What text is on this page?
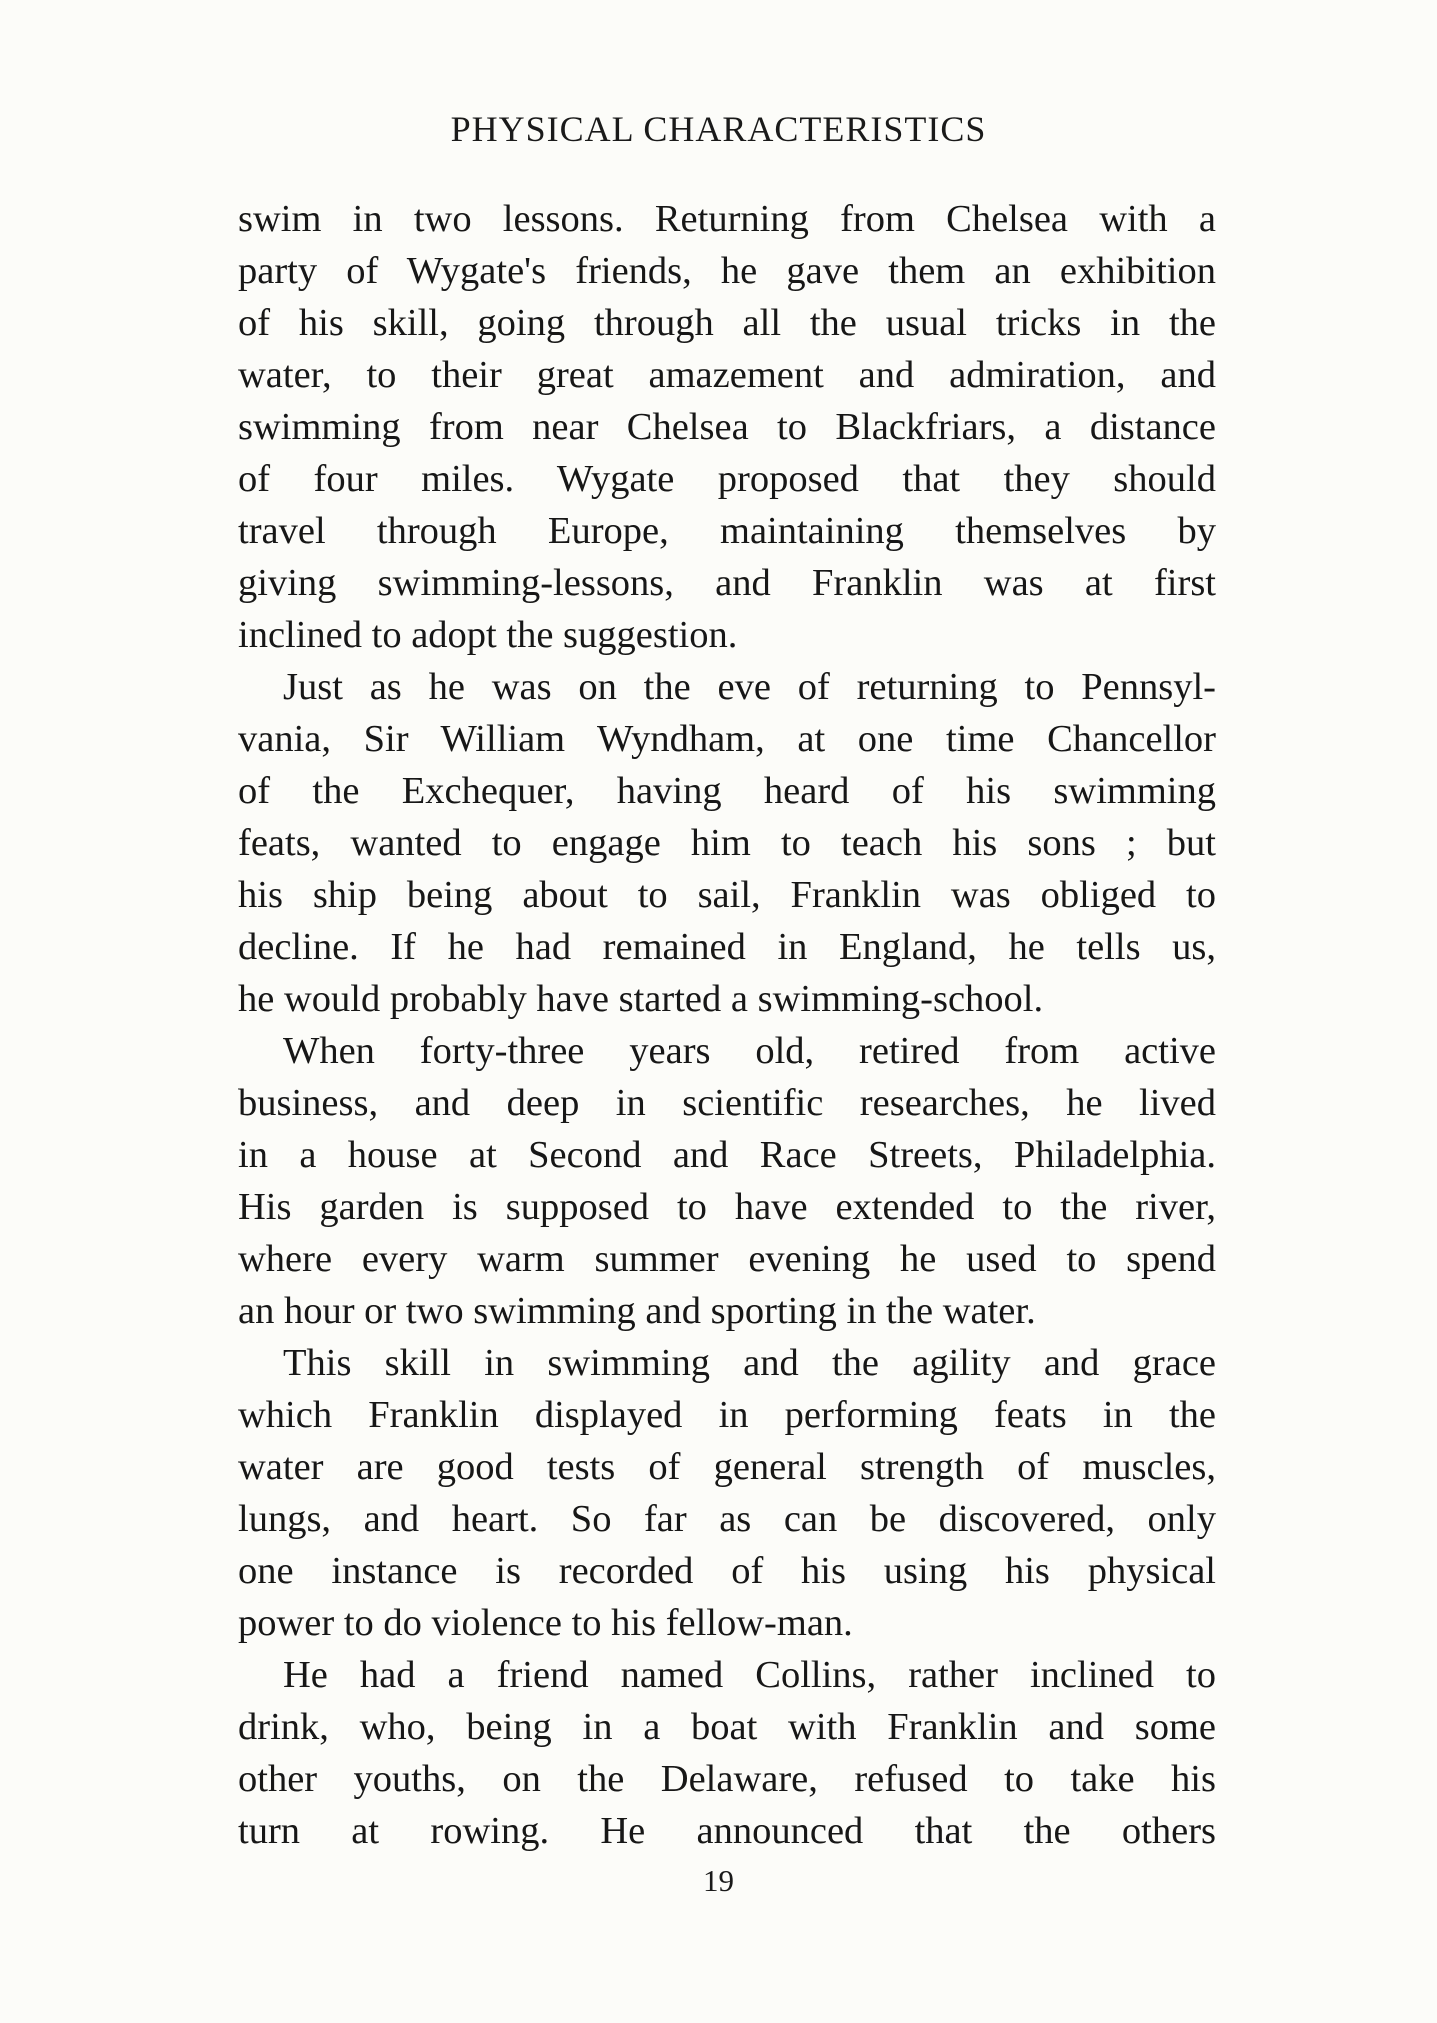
PHYSICAL CHARACTERISTICS
swim in two lessons. Returning from Chelsea with a
party of Wygate's friends, he gave them an exhibition
of his skill, going through all the usual tricks in the
water, to their great amazement and admiration, and
swimming from near Chelsea to Blackfriars, a distance
of four miles. Wygate proposed that they should
travel through Europe, maintaining themselves by
giving swimming-lessons, and Franklin was at first
inclined to adopt the suggestion.
Just as he was on the eve of returning to Pennsyl-
vania, Sir William Wyndham, at one time Chancellor
of the Exchequer, having heard of his swimming
feats, wanted to engage him to teach his sons ; but
his ship being about to sail, Franklin was obliged to
decline. If he had remained in England, he tells us,
he would probably have started a swimming-school.
When forty-three years old, retired from active
business, and deep in scientific researches, he lived
in a house at Second and Race Streets, Philadelphia.
His garden is supposed to have extended to the river,
where every warm summer evening he used to spend
an hour or two swimming and sporting in the water.
This skill in swimming and the agility and grace
which Franklin displayed in performing feats in the
water are good tests of general strength of muscles,
lungs, and heart. So far as can be discovered, only
one instance is recorded of his using his physical
power to do violence to his fellow-man.
He had a friend named Collins, rather inclined to
drink, who, being in a boat with Franklin and some
other youths, on the Delaware, refused to take his
turn at rowing. He announced that the others
19
